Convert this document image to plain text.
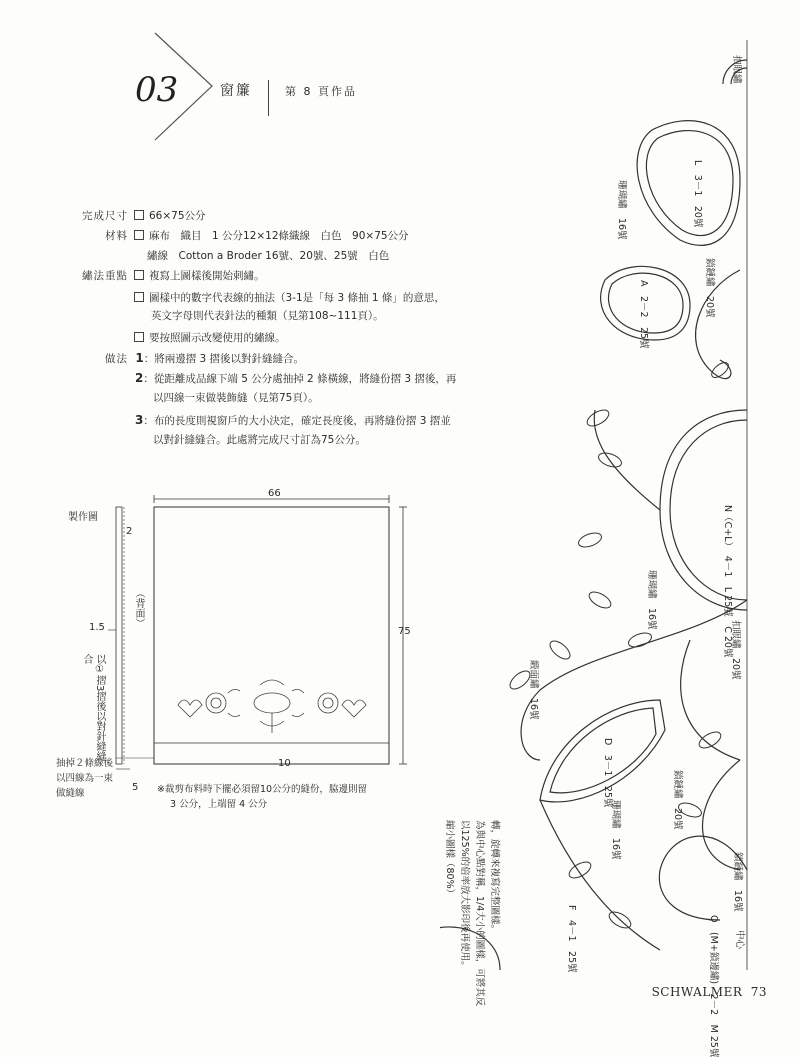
03	窗簾	第 8 頁作品
完成尺寸 66×75公分
材料 麻布　織目　1 公分12×12條織線　白色　90×75公分
繡線　Cotton a Broder 16號、20號、25號　白色
繡法重點 複寫上圖樣後開始刺繡。
圖樣中的數字代表線的抽法（3-1是「每 3 條抽 1 條」的意思，
英文字母則代表針法的種類（見第108~111頁）。
要按照圖示改變使用的繡線。
做法 1：將兩邊摺 3 摺後以對針縫縫合。
2：從距離成品線下端 5 公分處抽掉 2 條橫線，將縫份摺 3 摺後，再
以四線一束做裝飾縫（見第75頁）。
3：布的長度則視窗戶的大小決定，確定長度後，再將縫份摺 3 摺並
以對針縫縫合。此處將完成尺寸訂為75公分。
製作圖
66
75
2
1.5
10
5
（背面）
以①摺3摺後以對針縫縫合
抽掉２條線後以四線為一束做縫線	※裁剪布料時下擺必須留10公分的縫份，脇邊則留
3 公分，上端留 4 公分
扣眼繡
L　3－1　20號
珊瑚繡　16號
A　2－2　25號	鎖鏈繡　20號
N（C+L）　4－1　L 25號　C 20號
珊瑚繡　16號
扣眼繡　20號
緞面繡　16號
D　3－1　25號
珊瑚繡　16號
鎖鏈繡　20號
鎖鏈繡　16號
Q　(M+鎖邊繡)　2－2　M 25號
F　4－1　25號	中心
縮小圖樣（80%） 以125%的倍率放大影印後再使用。 為與中心點對稱，1/4大小的圖樣，可將其反 轉，旋轉來複寫完整圖樣。
SCHWALMER 73
